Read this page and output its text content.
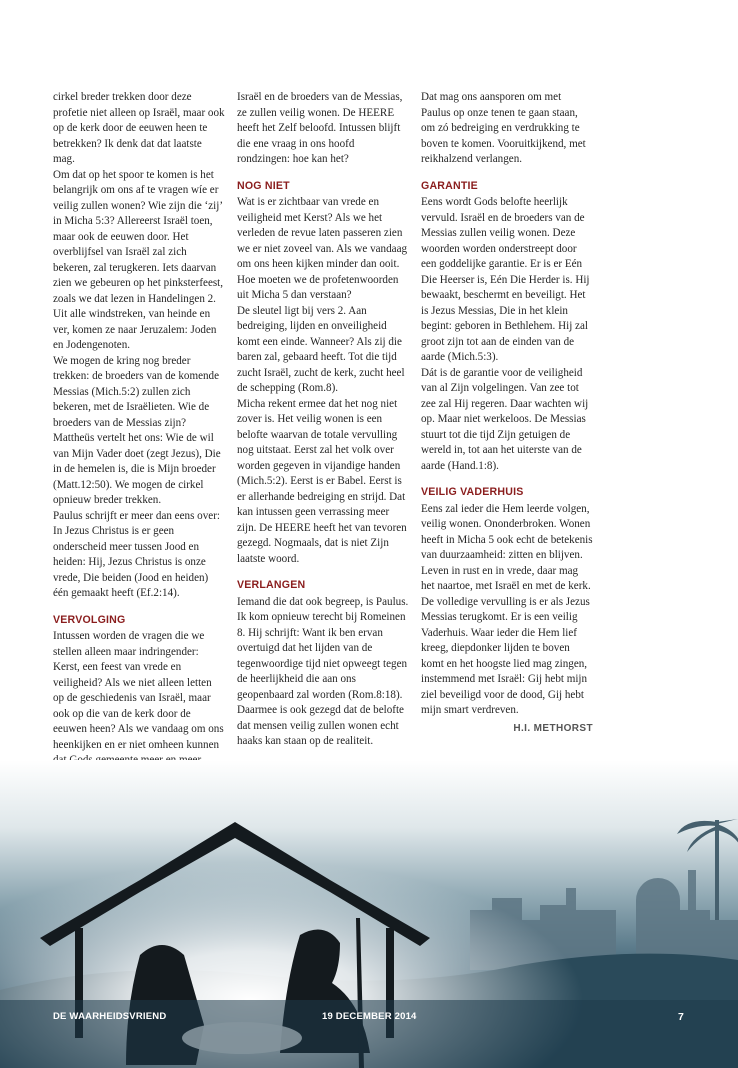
cirkel breder trekken door deze profetie niet alleen op Israël, maar ook op de kerk door de eeuwen heen te betrekken? Ik denk dat dat laatste mag.

Om dat op het spoor te komen is het belangrijk om ons af te vragen wíe er veilig zullen wonen? Wie zijn die ‘zij’ in Micha 5:3? Allereerst Israël toen, maar ook de eeuwen door. Het overblijfsel van Israël zal zich bekeren, zal terugkeren. Iets daarvan zien we gebeuren op het pinksterfeest, zoals we dat lezen in Handelingen 2. Uit alle windstreken, van heinde en ver, komen ze naar Jeruzalem: Joden en Jodengenoten.

We mogen de kring nog breder trekken: de broeders van de komende Messias (Mich.5:2) zullen zich bekeren, met de Israëlieten. Wie de broeders van de Messias zijn? Mattheüs vertelt het ons: Wie de wil van Mijn Vader doet (zegt Jezus), Die in de hemelen is, die is Mijn broeder (Matt.12:50). We mogen de cirkel opnieuw breder trekken.

Paulus schrijft er meer dan eens over: In Jezus Christus is er geen onderscheid meer tussen Jood en heiden: Hij, Jezus Christus is onze vrede, Die beiden (Jood en heiden) één gemaakt heeft (Ef.2:14).

VERVOLGING

Intussen worden de vragen die we stellen alleen maar indringender: Kerst, een feest van vrede en veiligheid? Als we niet alleen letten op de geschiedenis van Israël, maar ook op die van de kerk door de eeuwen heen? Als we vandaag om ons heenkijken en er niet omheen kunnen

Israël en de broeders van de Messias, ze zullen veilig wonen. De HEERE heeft het Zelf beloofd. Intussen blijft die ene vraag in ons hoofd rondzingen: hoe kan het?

NOG NIET

Wat is er zichtbaar van vrede en veiligheid met Kerst? Als we het verleden de revue laten passeren zien we er niet zoveel van. Als we vandaag om ons heen kijken minder dan ooit. Hoe moeten we de profetenwoorden uit Micha 5 dan verstaan?

De sleutel ligt bij vers 2. Aan bedreiging, lijden en onveiligheid komt een einde. Wanneer? Als zij die baren zal, gebaard heeft. Tot die tijd zucht Israël, zucht de kerk, zucht heel de schepping (Rom.8).

Micha rekent ermee dat het nog niet zover is. Het veilig wonen is een belofte waarvan de totale vervulling nog uitstaat. Eerst zal het volk over worden gegeven in vijandige handen (Mich.5:2). Eerst is er Babel. Eerst is er allerhande bedreiging en strijd. Dat kan intussen geen verrassing meer zijn. De HEERE heeft het van tevoren gezegd. Nogmaals, dat is niet Zijn laatste woord.

VERLANGEN

Iemand die dat ook begreep, is Paulus. Ik kom opnieuw terecht bij Romeinen 8. Hij schrijft: Want ik ben ervan overtuigd dat het lijden van de tegenwoordige tijd niet opweegt tegen de heerlijkheid die aan ons geopenbaard zal worden (Rom.8:18). Daarmee is ook gezegd dat de belofte dat mensen veilig zullen wonen echt haaks kan staan op de realiteit.

Dat mag ons aansporen om met Paulus op onze tenen te gaan staan, om zó bedreiging en verdrukking te boven te komen. Vooruitkijkend, met reikhalzend verlangen.

GARANTIE

Eens wordt Gods belofte heerlijk vervuld. Israël en de broeders van de Messias zullen veilig wonen. Deze woorden worden onderstreept door een goddelijke garantie. Er is er Eén Die Heerser is, Eén Die Herder is. Hij bewaakt, beschermt en beveiligt. Het is Jezus Messias, Die in het klein begint: geboren in Bethlehem. Hij zal groot zijn tot aan de einden van de aarde (Mich.5:3).

Dát is de garantie voor de veiligheid van al Zijn volgelingen. Van zee tot zee zal Hij regeren. Daar wachten wij op. Maar niet werkeloos. De Messias stuurt tot die tijd Zijn getuigen de wereld in, tot aan het uiterste van de aarde (Hand.1:8).

VEILIG VADERHUIS

Eens zal ieder die Hem leerde volgen, veilig wonen. Ononderbroken. Wonen heeft in Micha 5 ook echt de betekenis van duurzaamheid: zitten en blijven. Leven in rust en in vrede, daar mag het naartoe, met Israël en met de kerk.

De volledige vervulling is er als Jezus Messias terugkomt. Er is een veilig Vaderhuis. Waar ieder die Hem lief kreeg, diepdonker lijden te boven komt en het hoogste lied mag zingen, instemmend met Israël: Gij hebt mijn ziel beveiligd voor de dood, Gij hebt mijn smart verdreven.

H.I. METHORST
DE WAARHEIDSVRIEND	19 DECEMBER 2014	7
